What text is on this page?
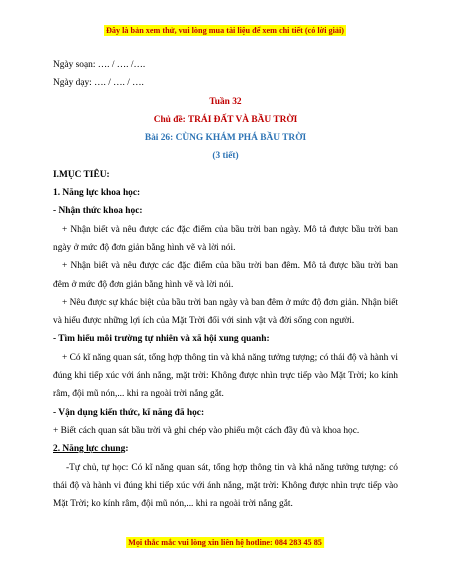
Đây là bản xem thử, vui lòng mua tài liệu để xem chi tiết (có lời giải)

Ngày soạn: …. / …. /….

Ngày dạy: …. / …. / ….

Tuần 32

Chủ đề: TRÁI ĐẤT VÀ BẦU TRỜI

Bài 26: CÙNG KHÁM PHÁ BẦU TRỜI

(3 tiết)

I.MỤC TIÊU:

1. Năng lực khoa học:

- Nhận thức khoa học:

+ Nhận biết và nêu được các đặc điểm của bầu trời ban ngày. Mô tả được bầu trời ban ngày ở mức độ đơn giản bằng hình vẽ và lời nói.

+ Nhận biết và nêu được các đặc điểm của bầu trời ban đêm. Mô tả được bầu trời ban đêm ở mức độ đơn giản bằng hình vẽ và lời nói.

+ Nêu được sự khác biệt của bầu trời ban ngày và ban đêm ở mức độ đơn giản. Nhận biết và hiểu được những lợi ích của Mặt Trời đối với sinh vật và đời sống con người.

- Tìm hiểu môi trường tự nhiên và xã hội xung quanh:

+ Có kĩ năng quan sát, tổng hợp thông tin và khả năng tưởng tượng; có thái độ và hành vi đúng khi tiếp xúc với ánh nắng, mặt trời: Không được nhìn trực tiếp vào Mặt Trời; ko kính râm, đội mũ nón,... khi ra ngoài trời nắng gắt.

- Vận dụng kiến thức, kĩ năng đã học:

+ Biết cách quan sát bầu trời và ghi chép vào phiếu một cách đầy đủ và khoa học.

2. Năng lực chung:

-Tự chủ, tự học: Có kĩ năng quan sát, tổng hợp thông tin và khả năng tưởng tượng: có thái độ và hành vi đúng khi tiếp xúc với ánh nắng, mặt trời: Không được nhìn trực tiếp vào Mặt Trời; ko kính râm, đội mũ nón,... khi ra ngoài trời nắng gắt.

Mọi thắc mắc vui lòng xin liên hệ hotline: 084 283 45 85
